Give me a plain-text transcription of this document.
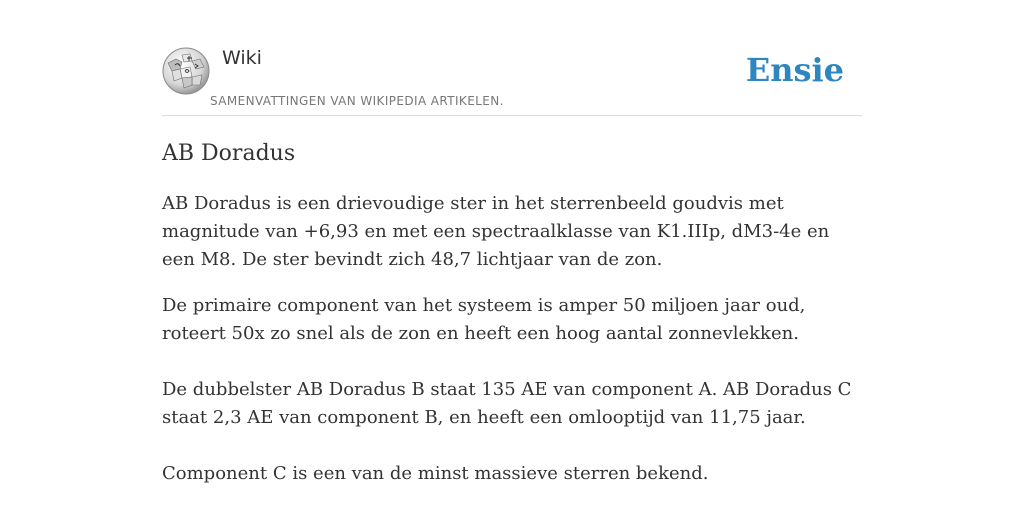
Wiki
SAMENVATTINGEN VAN WIKIPEDIA ARTIKELEN.
Ensie
AB Doradus

AB Doradus is een drievoudige ster in het sterrenbeeld goudvis met magnitude van +6,93 en met een spectraalklasse van K1.IIIp, dM3-4e en een M8. De ster bevindt zich 48,7 lichtjaar van de zon.

De primaire component van het systeem is amper 50 miljoen jaar oud, roteert 50x zo snel als de zon en heeft een hoog aantal zonnevlekken.

De dubbelster AB Doradus B staat 135 AE van component A. AB Doradus C staat 2,3 AE van component B, en heeft een omlooptijd van 11,75 jaar.

Component C is een van de minst massieve sterren bekend.
